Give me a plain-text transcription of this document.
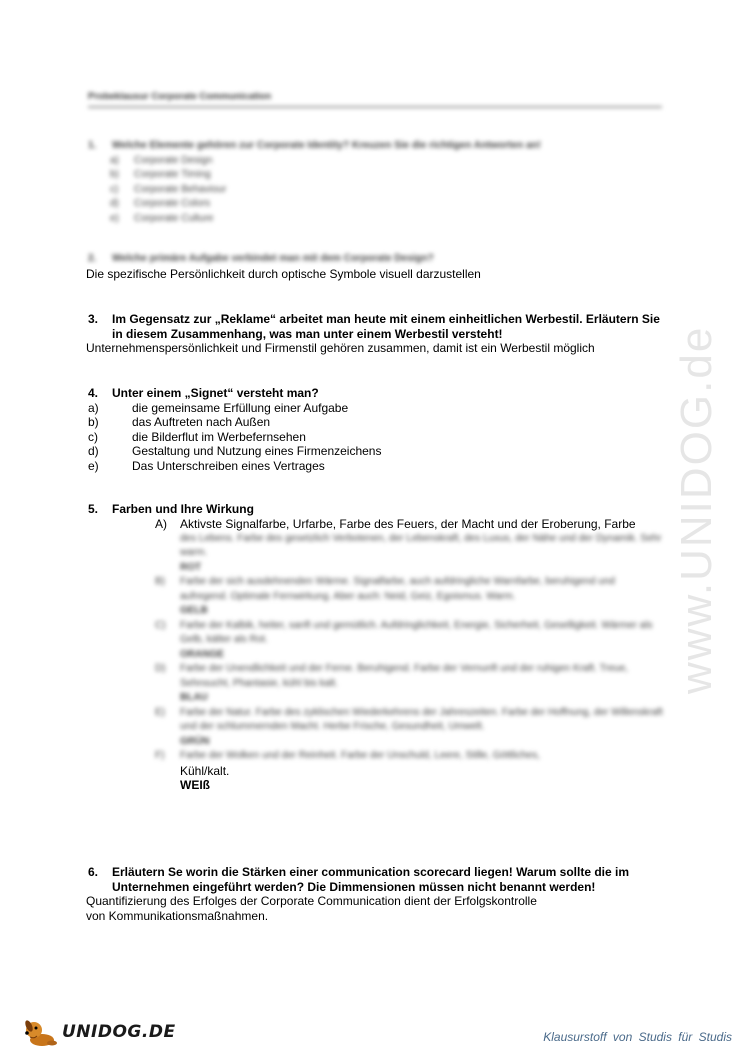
Probeklausur Corporate Communication
www.UNIDOG.de
1.	Welche Elemente gehören zur Corporate Identity? Kreuzen Sie die richtigen Antworten an!
a)	Corporate Design
b)	Corporate Timing
c)	Corporate Behaviour
d)	Corporate Colors
e)	Corporate Culture
2.	Welche primäre Aufgabe verbindet man mit dem Corporate Design?
Die spezifische Persönlichkeit durch optische Symbole visuell darzustellen
3.	Im Gegensatz zur „Reklame“ arbeitet man heute mit einem einheitlichen Werbestil. Erläutern Sie in diesem Zusammenhang, was man unter einem Werbestil versteht!
Unternehmenspersönlichkeit und Firmenstil gehören zusammen, damit ist ein Werbestil möglich
4.	Unter einem „Signet“ versteht man?
a)	die gemeinsame Erfüllung einer Aufgabe
b)	das Auftreten nach Außen
c)	die Bilderflut im Werbefernsehen
d)	Gestaltung und Nutzung eines Firmenzeichens
e)	Das Unterschreiben eines Vertrages
5.	Farben und Ihre Wirkung
A)	Aktivste Signalfarbe, Urfarbe, Farbe des Feuers, der Macht und der Eroberung, Farbe
des Lebens. Farbe des gesetzlich Verbotenen, der Lebenskraft, des Luxus, der Nähe und der Dynamik. Sehr warm.
ROT
B)	Farbe der sich ausdehnenden Wärme. Signalfarbe, auch aufdringliche Warnfarbe, beruhigend und aufregend. Optimale Fernwirkung. Aber auch: Neid, Geiz, Egoismus. Warm.
GELB
C)	Farbe der Kalbik, heiter, sanft und gemütlich. Aufdringlichkeit, Energie, Sicherheit, Geselligkeit. Wärmer als Gelb, kälter als Rot.
ORANGE
D)	Farbe der Unendlichkeit und der Ferne. Beruhigend. Farbe der Vernunft und der ruhigen Kraft. Treue, Sehnsucht, Phantasie, kühl bis kalt.
BLAU
E)	Farbe der Natur. Farbe des zyklischen Wiederkehrens der Jahreszeiten. Farbe der Hoffnung, der Willenskraft und der schlummernden Macht. Herbe Frische, Gesundheit, Umwelt.
GRÜN
F)	Farbe der Wolken und der Reinheit. Farbe der Unschuld, Leere, Stille, Göttliches,
Kühl/kalt.
WEIß
6.	Erläutern Se worin die Stärken einer communication scorecard liegen! Warum sollte die im Unternehmen eingeführt werden? Die Dimmensionen müssen nicht benannt werden!
Quantifizierung des Erfolges der Corporate Communication dient der Erfolgskontrolle von Kommunikationsmaßnahmen.
UNIDOG.DE	Klausurstoff von Studis für Studis
